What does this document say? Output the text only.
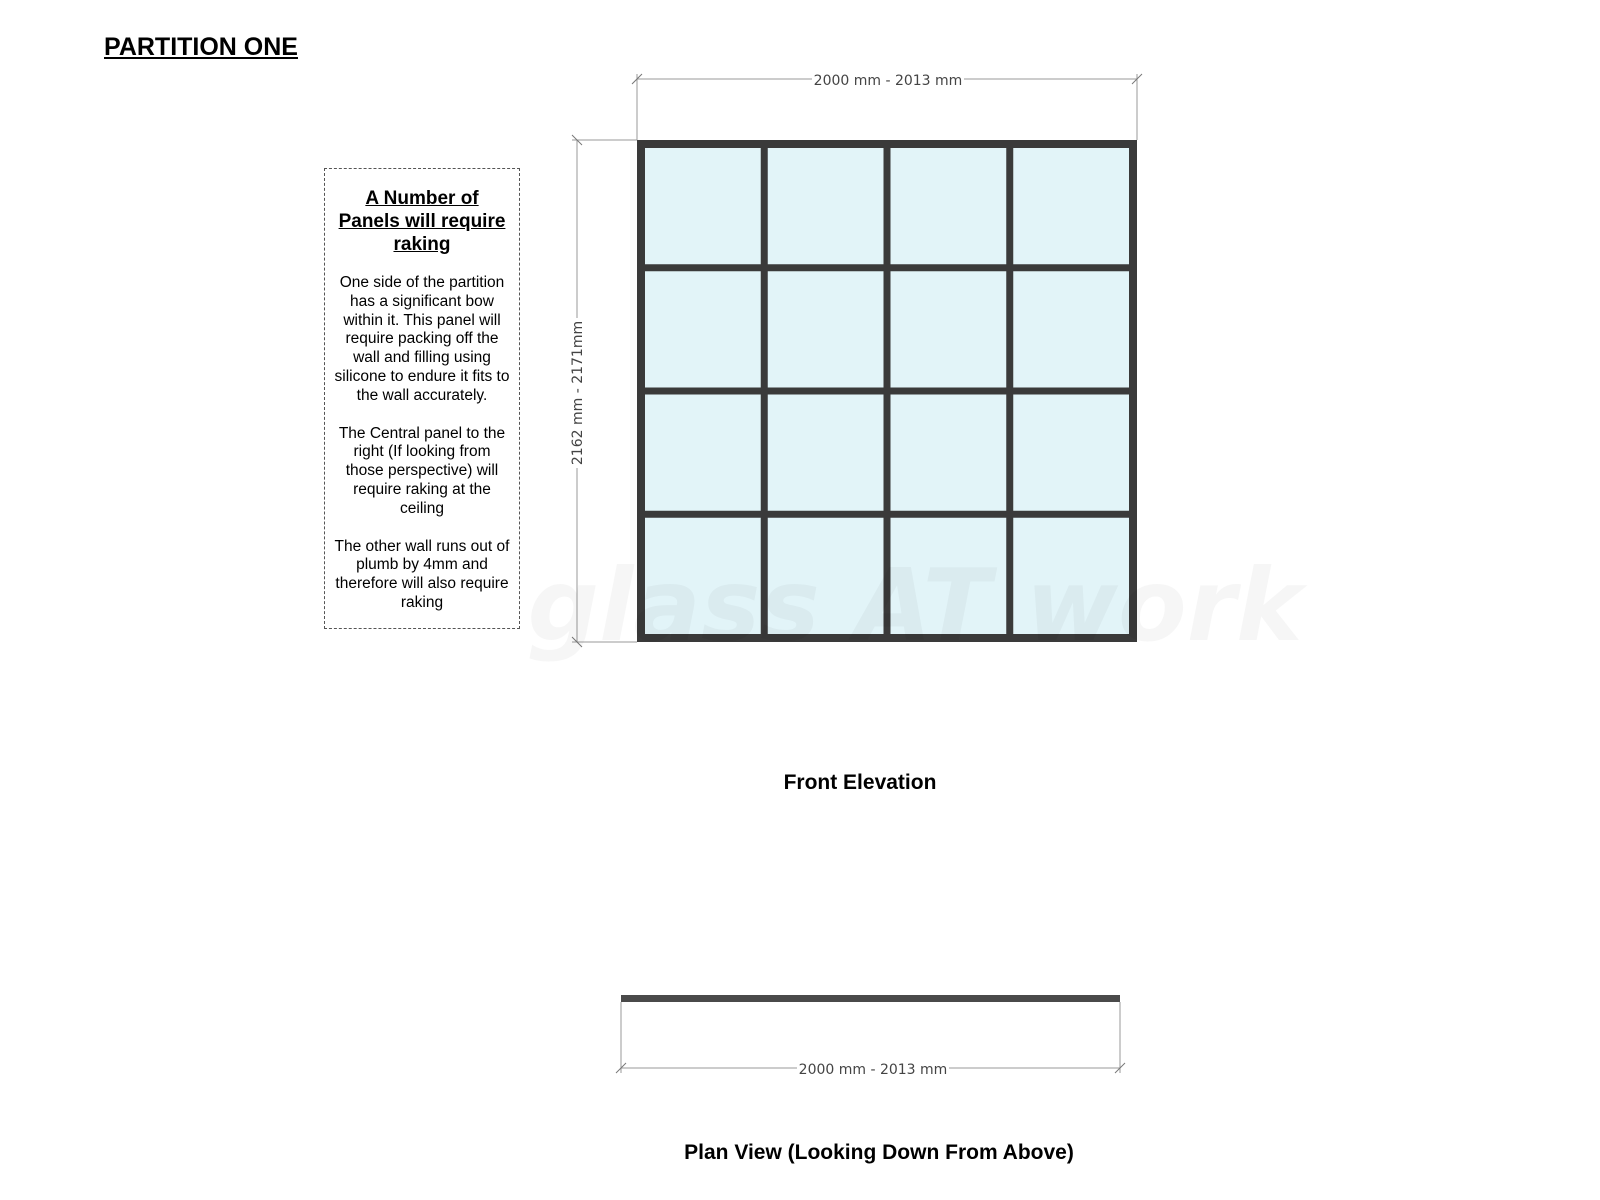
PARTITION ONE
A Number of Panels will require raking
One side of the partition has a significant bow within it. This panel will require packing off the wall and filling using silicone to endure it fits to the wall accurately.
The Central panel to the right (If looking from those perspective) will require raking at the ceiling
The other wall runs out of plumb by 4mm and therefore will also require raking
2000 mm - 2013 mm
2162 mm - 2171mm
glass AT work
2000 mm - 2013 mm
Front Elevation
Plan View (Looking Down From Above)
